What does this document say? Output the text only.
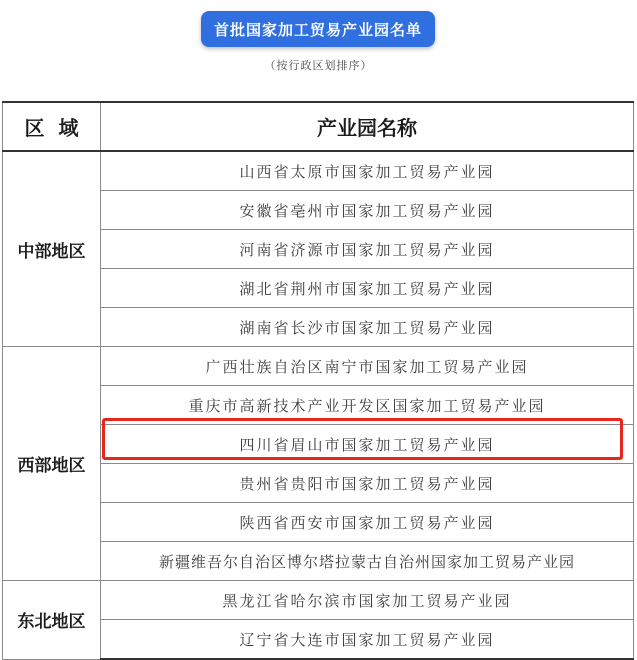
首批国家加工贸易产业园名单
（按行政区划排序）
区  域	产业园名称
中部地区	山西省太原市国家加工贸易产业园
	安徽省亳州市国家加工贸易产业园
	河南省济源市国家加工贸易产业园
	湖北省荆州市国家加工贸易产业园
	湖南省长沙市国家加工贸易产业园
西部地区	广西壮族自治区南宁市国家加工贸易产业园
	重庆市高新技术产业开发区国家加工贸易产业园
	四川省眉山市国家加工贸易产业园
	贵州省贵阳市国家加工贸易产业园
	陕西省西安市国家加工贸易产业园
	新疆维吾尔自治区博尔塔拉蒙古自治州国家加工贸易产业园
东北地区	黑龙江省哈尔滨市国家加工贸易产业园
	辽宁省大连市国家加工贸易产业园
